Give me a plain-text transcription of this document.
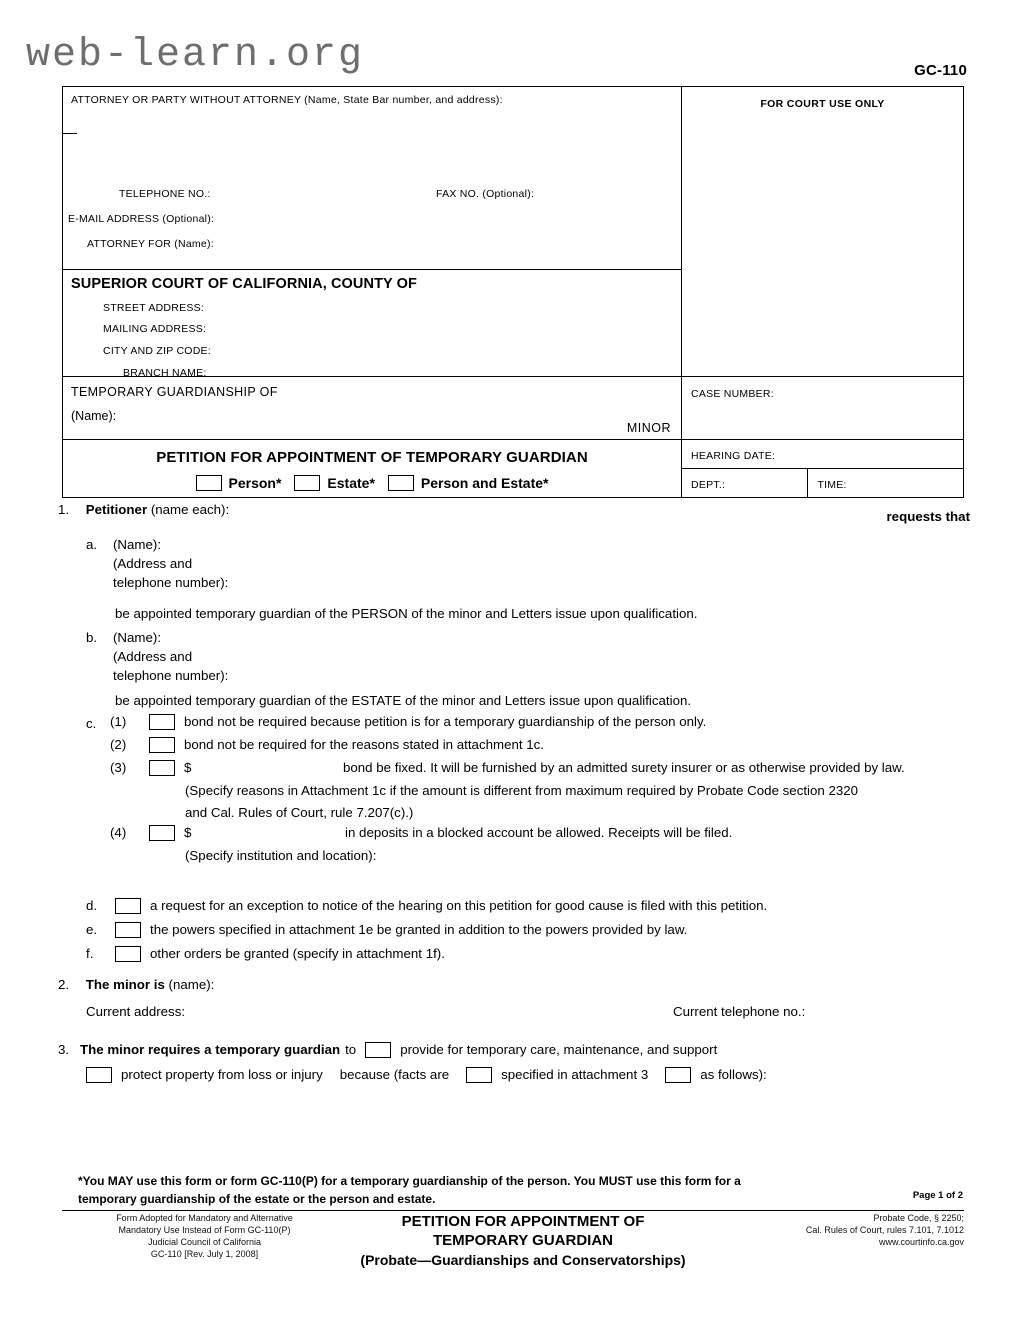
web-learn.org	GC-110
ATTORNEY OR PARTY WITHOUT ATTORNEY (Name, State Bar number, and address):
TELEPHONE NO.:	FAX NO. (Optional):
E-MAIL ADDRESS (Optional):
ATTORNEY FOR (Name):
SUPERIOR COURT OF CALIFORNIA, COUNTY OF
STREET ADDRESS:
MAILING ADDRESS:
CITY AND ZIP CODE:
BRANCH NAME:
FOR COURT USE ONLY
TEMPORARY GUARDIANSHIP OF
(Name):
MINOR
CASE NUMBER:
PETITION FOR APPOINTMENT OF TEMPORARY GUARDIAN
Person*	Estate*	Person and Estate*
HEARING DATE:
DEPT.:	TIME:
1. Petitioner (name each):	requests that
a. (Name):
(Address and
telephone number):
be appointed temporary guardian of the PERSON of the minor and Letters issue upon qualification.
b. (Name):
(Address and
telephone number):
be appointed temporary guardian of the ESTATE of the minor and Letters issue upon qualification.
c. (1)	bond not be required because petition is for a temporary guardianship of the person only.
(2)	bond not be required for the reasons stated in attachment 1c.
(3)	$	bond be fixed. It will be furnished by an admitted surety insurer or as otherwise provided by law.
(Specify reasons in Attachment 1c if the amount is different from maximum required by Probate Code section 2320
and Cal. Rules of Court, rule 7.207(c).)
(4)	$	in deposits in a blocked account be allowed. Receipts will be filed.
(Specify institution and location):
d.	a request for an exception to notice of the hearing on this petition for good cause is filed with this petition.
e.	the powers specified in attachment 1e be granted in addition to the powers provided by law.
f.	other orders be granted (specify in attachment 1f).
2. The minor is (name):
Current address:	Current telephone no.:
3. The minor requires a temporary guardian to	provide for temporary care, maintenance, and support
protect property from loss or injury because (facts are	specified in attachment 3	as follows):
*You MAY use this form or form GC-110(P) for a temporary guardianship of the person. You MUST use this form for a
temporary guardianship of the estate or the person and estate.	Page 1 of 2
Form Adopted for Mandatory and Alternative
Mandatory Use Instead of Form GC-110(P)
Judicial Council of California
GC-110 [Rev. July 1, 2008]
PETITION FOR APPOINTMENT OF
TEMPORARY GUARDIAN
(Probate—Guardianships and Conservatorships)
Probate Code, § 2250;
Cal. Rules of Court, rules 7.101, 7.1012
www.courtinfo.ca.gov
